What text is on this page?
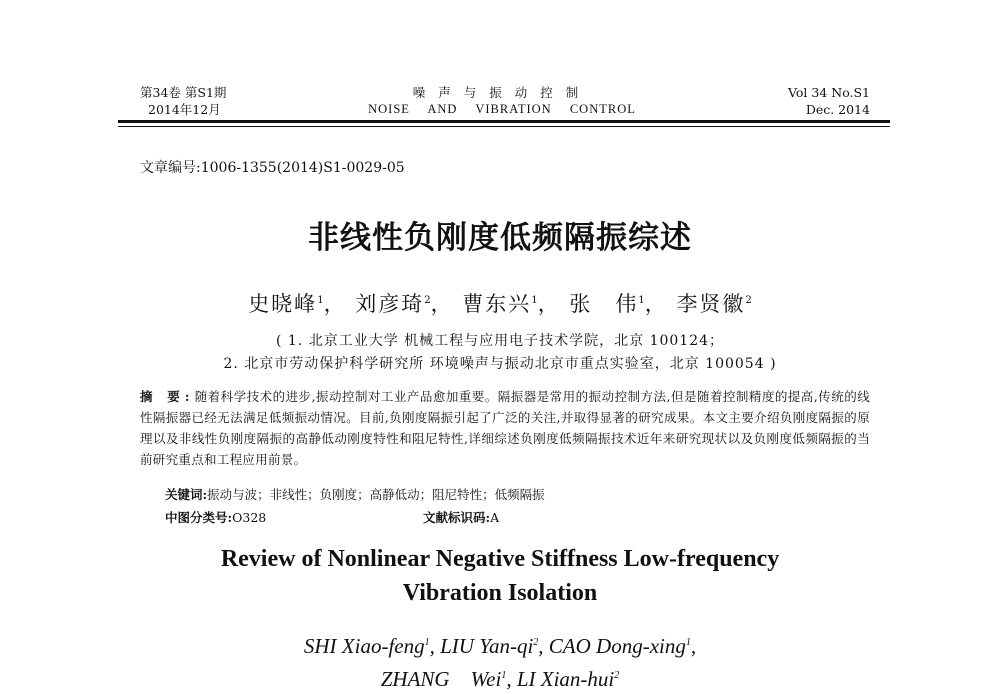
第34卷 第S1期
2014年12月
噪声与振动控制
NOISE AND VIBRATION CONTROL
Vol 34 No.S1
Dec. 2014
文章编号:1006-1355(2014)S1-0029-05
非线性负刚度低频隔振综述
史晓峰$^1$， 刘彦琦$^2$， 曹东兴$^1$， 张　伟$^1$， 李贤徽$^2$
( 1. 北京工业大学 机械工程与应用电子技术学院，北京 100124；
2. 北京市劳动保护科学研究所 环境噪声与振动北京市重点实验室，北京 100054 )
摘 要:随着科学技术的进步,振动控制对工业产品愈加重要。隔振器是常用的振动控制方法,但是随着控制精度的提高,传统的线性隔振器已经无法满足低频振动情况。目前,负刚度隔振引起了广泛的关注,并取得显著的研究成果。本文主要介绍负刚度隔振的原理以及非线性负刚度隔振的高静低动刚度特性和阻尼特性,详细综述负刚度低频隔振技术近年来研究现状以及负刚度低频隔振的当前研究重点和工程应用前景。
关键词:振动与波；非线性；负刚度；高静低动；阻尼特性；低频隔振
中图分类号:O328	文献标识码:A
Review of Nonlinear Negative Stiffness Low-frequency
Vibration Isolation
SHI Xiao-feng$^1$, LIU Yan-$qi^2$, CAO Dong-xing$^1$,
ZHANG　Wei$^1$, LI Xian-hui$^2$
